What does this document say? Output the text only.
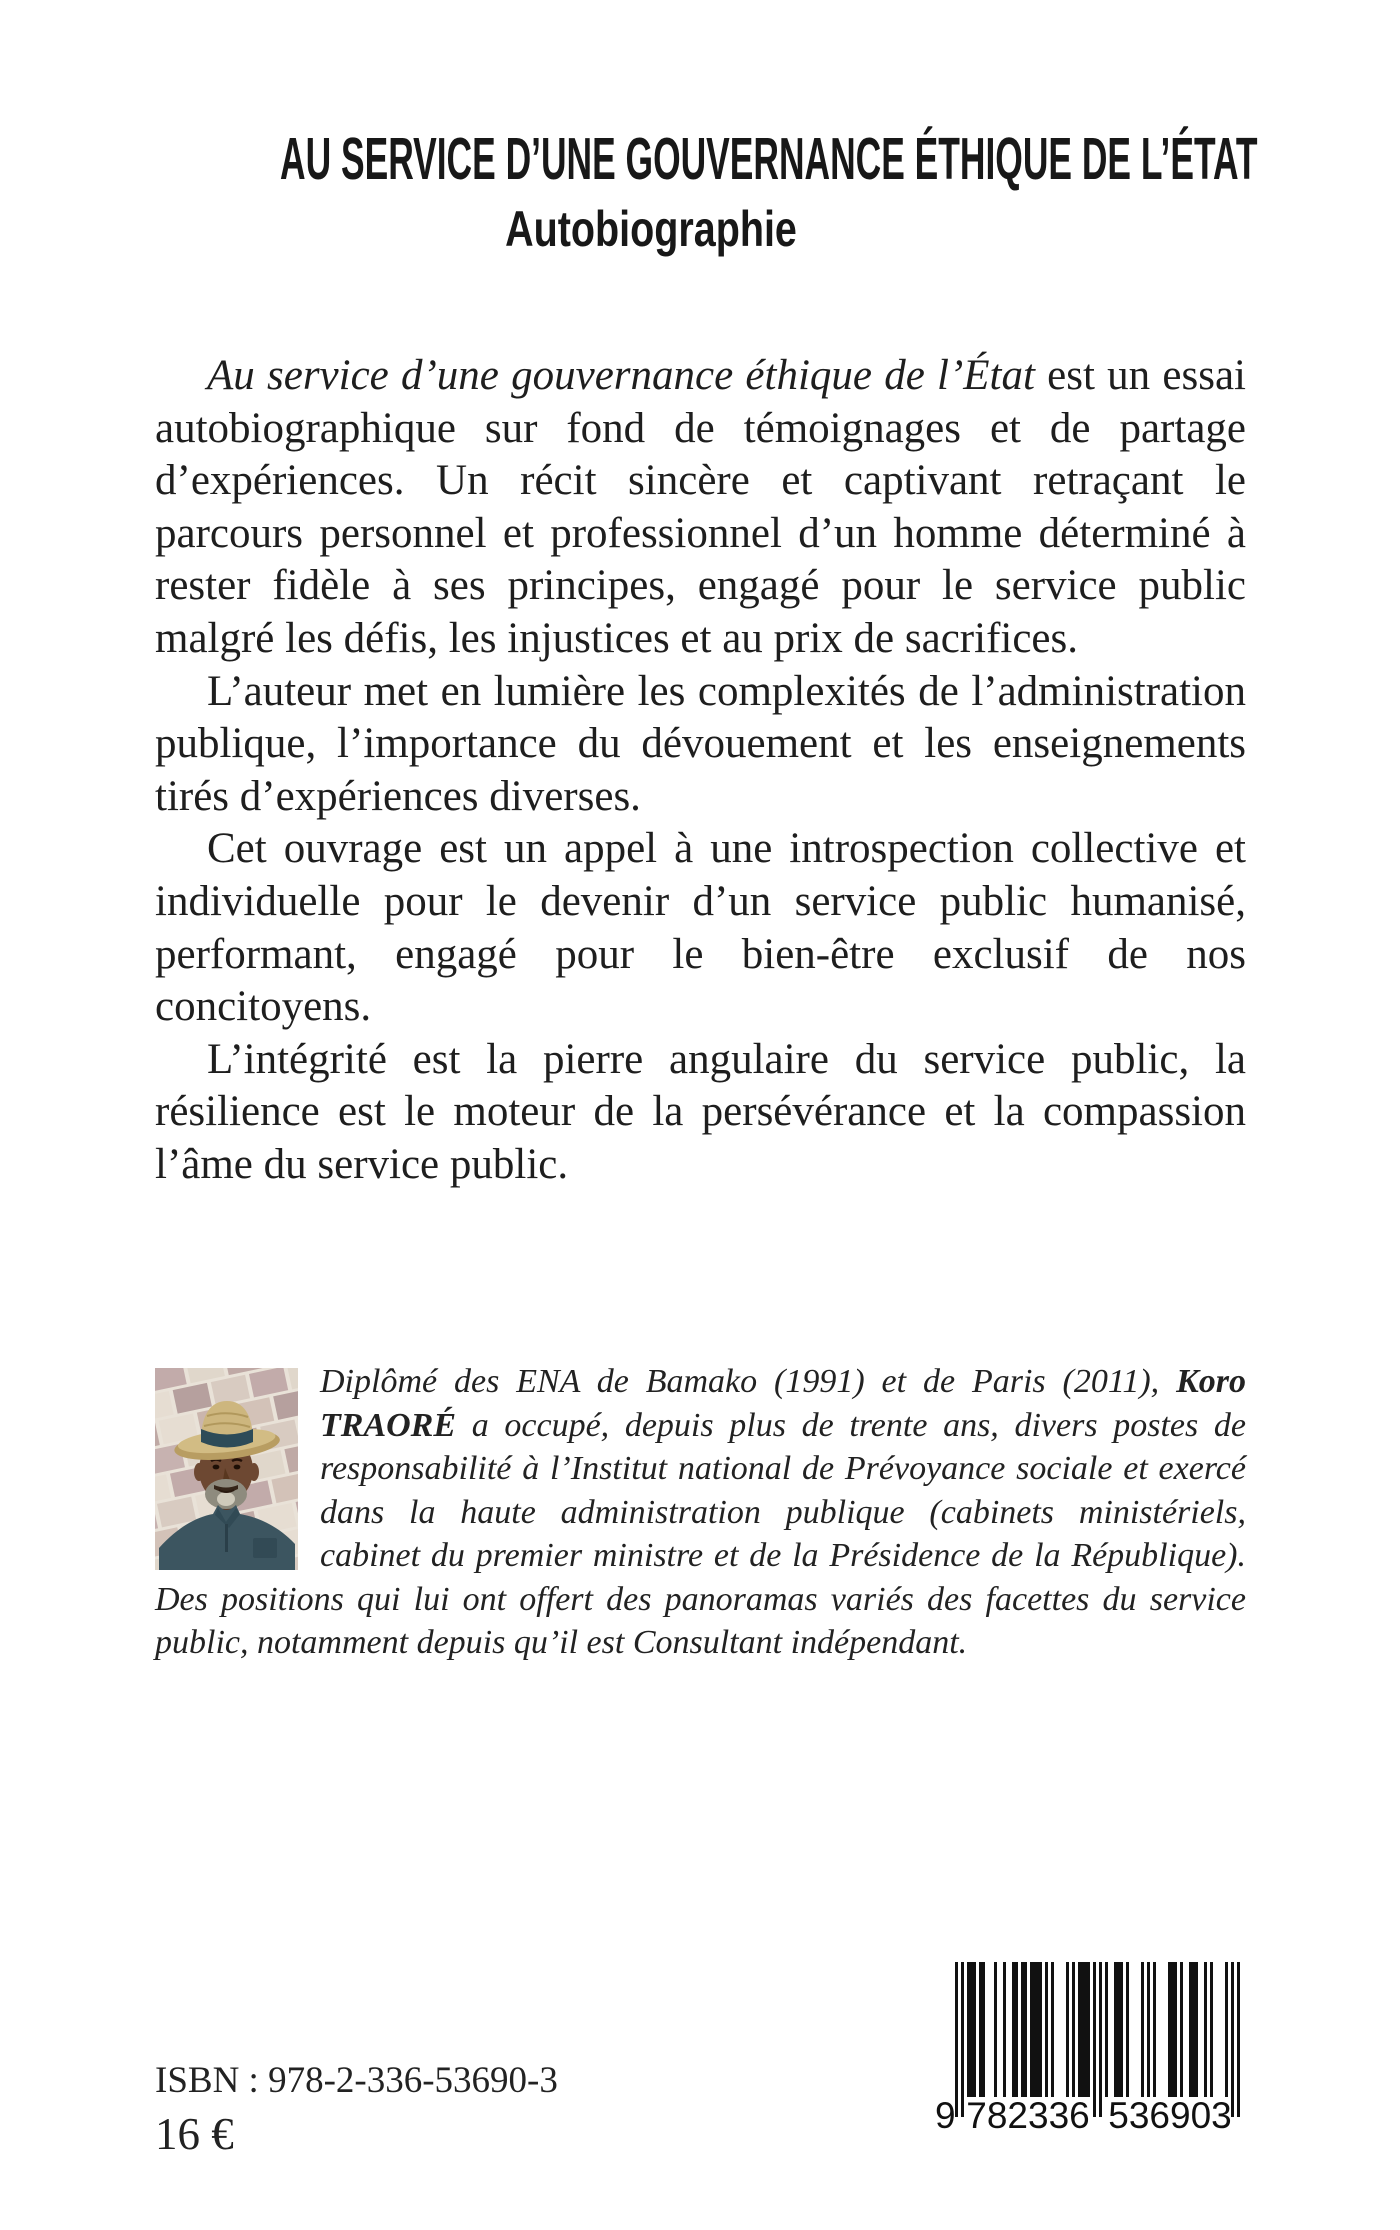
AU SERVICE D’UNE GOUVERNANCE ÉTHIQUE DE L’ÉTAT
Autobiographie

Au service d’une gouvernance éthique de l’État est un essai autobiographique sur fond de témoignages et de partage d’expériences. Un récit sincère et captivant retraçant le parcours personnel et professionnel d’un homme déterminé à rester fidèle à ses principes, engagé pour le service public malgré les défis, les injustices et au prix de sacrifices.

L’auteur met en lumière les complexités de l’administration publique, l’importance du dévouement et les enseignements tirés d’expériences diverses.

Cet ouvrage est un appel à une introspection collective et individuelle pour le devenir d’un service public humanisé, performant, engagé pour le bien-être exclusif de nos concitoyens.

L’intégrité est la pierre angulaire du service public, la résilience est le moteur de la persévérance et la compassion l’âme du service public.

Diplômé des ENA de Bamako (1991) et de Paris (2011), Koro TRAORÉ a occupé, depuis plus de trente ans, divers postes de responsabilité à l’Institut national de Prévoyance sociale et exercé dans la haute administration publique (cabinets ministériels, cabinet du premier ministre et de la Présidence de la République). Des positions qui lui ont offert des panoramas variés des facettes du service public, notamment depuis qu’il est Consultant indépendant.
ISBN : 978-2-336-53690-3
16 €	9 782336 536903
